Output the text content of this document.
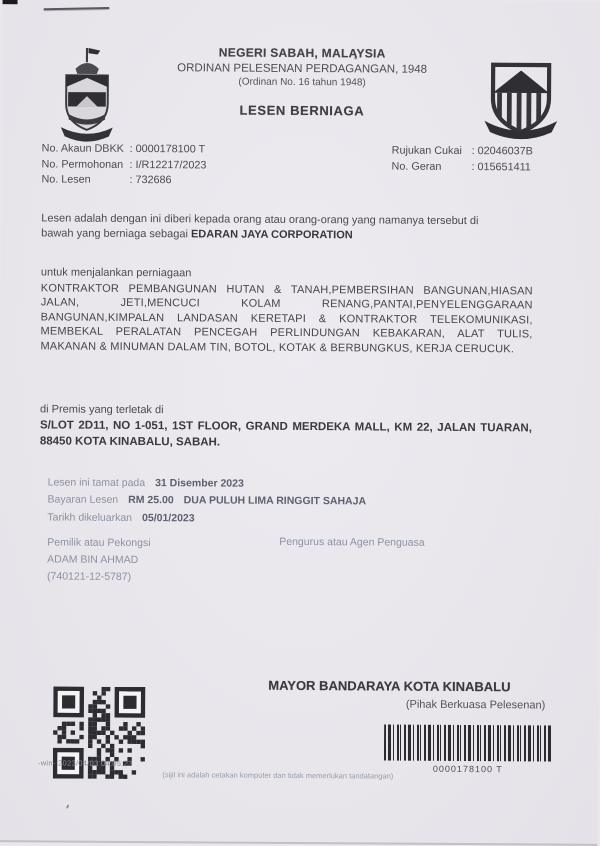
NEGERI SABAH, MALAYSIA
ORDINAN PELESENAN PERDAGANGAN, 1948
(Ordinan No. 16 tahun 1948)
LESEN BERNIAGA
No. Akaun DBKK	: 0000178100 T
No. Permohonan	: I/R12217/2023
No. Lesen	: 732686
Rujukan Cukai	: 02046037B
No. Geran	: 015651411
Lesen adalah dengan ini diberi kepada orang atau orang-orang yang namanya tersebut di bawah yang berniaga sebagai EDARAN JAYA CORPORATION
untuk menjalankan perniagaan
KONTRAKTOR PEMBANGUNAN HUTAN & TANAH,PEMBERSIHAN BANGUNAN,HIASAN JALAN, JETI,MENCUCI KOLAM RENANG,PANTAI,PENYELENGGARAAN BANGUNAN,KIMPALAN LANDASAN KERETAPI & KONTRAKTOR TELEKOMUNIKASI, MEMBEKAL PERALATAN PENCEGAH PERLINDUNGAN KEBAKARAN, ALAT TULIS, MAKANAN & MINUMAN DALAM TIN, BOTOL, KOTAK & BERBUNGKUS, KERJA CERUCUK.
di Premis yang terletak di
S/LOT 2D11, NO 1-051, 1ST FLOOR, GRAND MERDEKA MALL, KM 22, JALAN TUARAN, 88450 KOTA KINABALU, SABAH.
Lesen ini tamat pada 31 Disember 2023
Bayaran Lesen RM 25.00 DUA PULUH LIMA RINGGIT SAHAJA
Tarikh dikeluarkan 05/01/2023
Pemilik atau Pekongsi
ADAM BIN AHMAD
(740121-12-5787)
Pengurus atau Agen Penguasa
MAYOR BANDARAYA KOTA KINABALU
(Pihak Berkuasa Pelesenan)
0000178100 T
-win- 2023/04/03 04:05:23
(sijil ini adalah cetakan komputer dan tidak memerlukan tandatangan)
